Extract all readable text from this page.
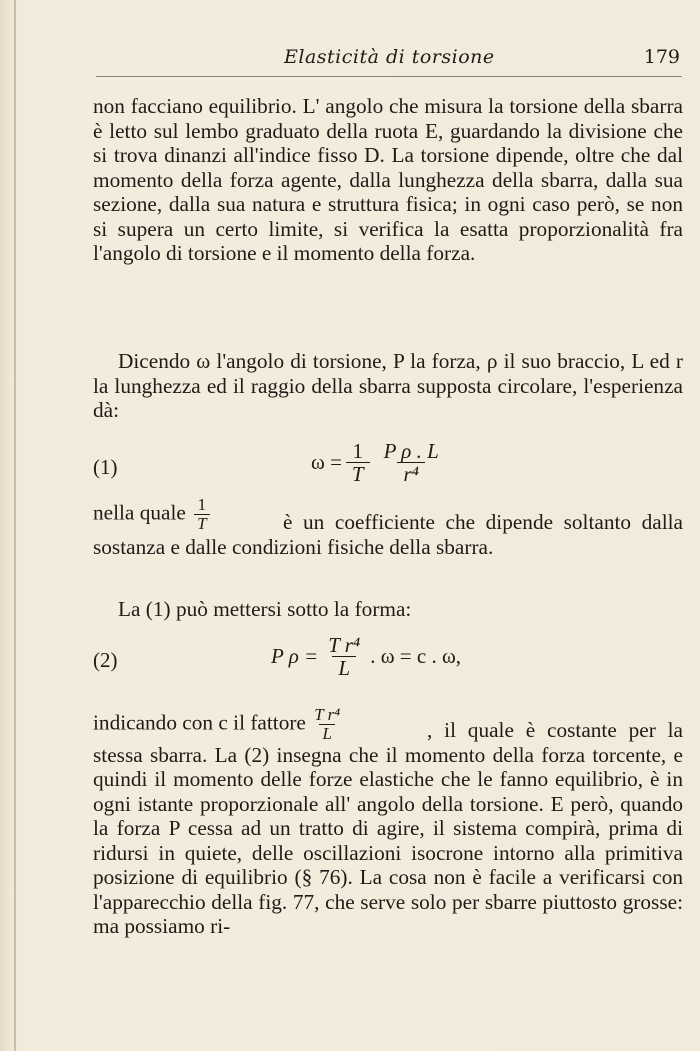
Elasticità di torsione	179
non facciano equilibrio. L' angolo che misura la torsione della sbarra è letto sul lembo graduato della ruota E, guardando la divisione che si trova dinanzi all'indice fisso D. La torsione dipende, oltre che dal momento della forza agente, dalla lunghezza della sbarra, dalla sua sezione, dalla sua natura e struttura fisica; in ogni caso però, se non si supera un certo limite, si verifica la esatta proporzionalità fra l'angolo di torsione e il momento della forza.
Dicendo ω l'angolo di torsione, P la forza, ρ il suo braccio, L ed r la lunghezza ed il raggio della sbarra supposta circolare, l'esperienza dà:
(1)	$\omega = \frac{1}{T} \frac{\text{P ρ . L}}{\text{r⁴}}$
nella quale $\frac{1}{T}$	è un coefficiente che dipende soltanto dalla sostanza e dalle condizioni fisiche della sbarra.
La (1) può mettersi sotto la forma:
(2)	P $\rho = \frac{\text{T r⁴}}{L}$ . ω = c . ω,
indicando con c il fattore $\frac{\text{T r⁴}}{L}$	, il quale è costante per la stessa sbarra. La (2) insegna che il momento della forza torcente, e quindi il momento delle forze elastiche che le fanno equilibrio, è in ogni istante proporzionale all' angolo della torsione. E però, quando la forza P cessa ad un tratto di agire, il sistema compirà, prima di ridursi in quiete, delle oscillazioni isocrone intorno alla primitiva posizione di equilibrio (§ 76). La cosa non è facile a verificarsi con l'apparecchio della fig. 77, che serve solo per sbarre piuttosto grosse: ma possiamo ri-
